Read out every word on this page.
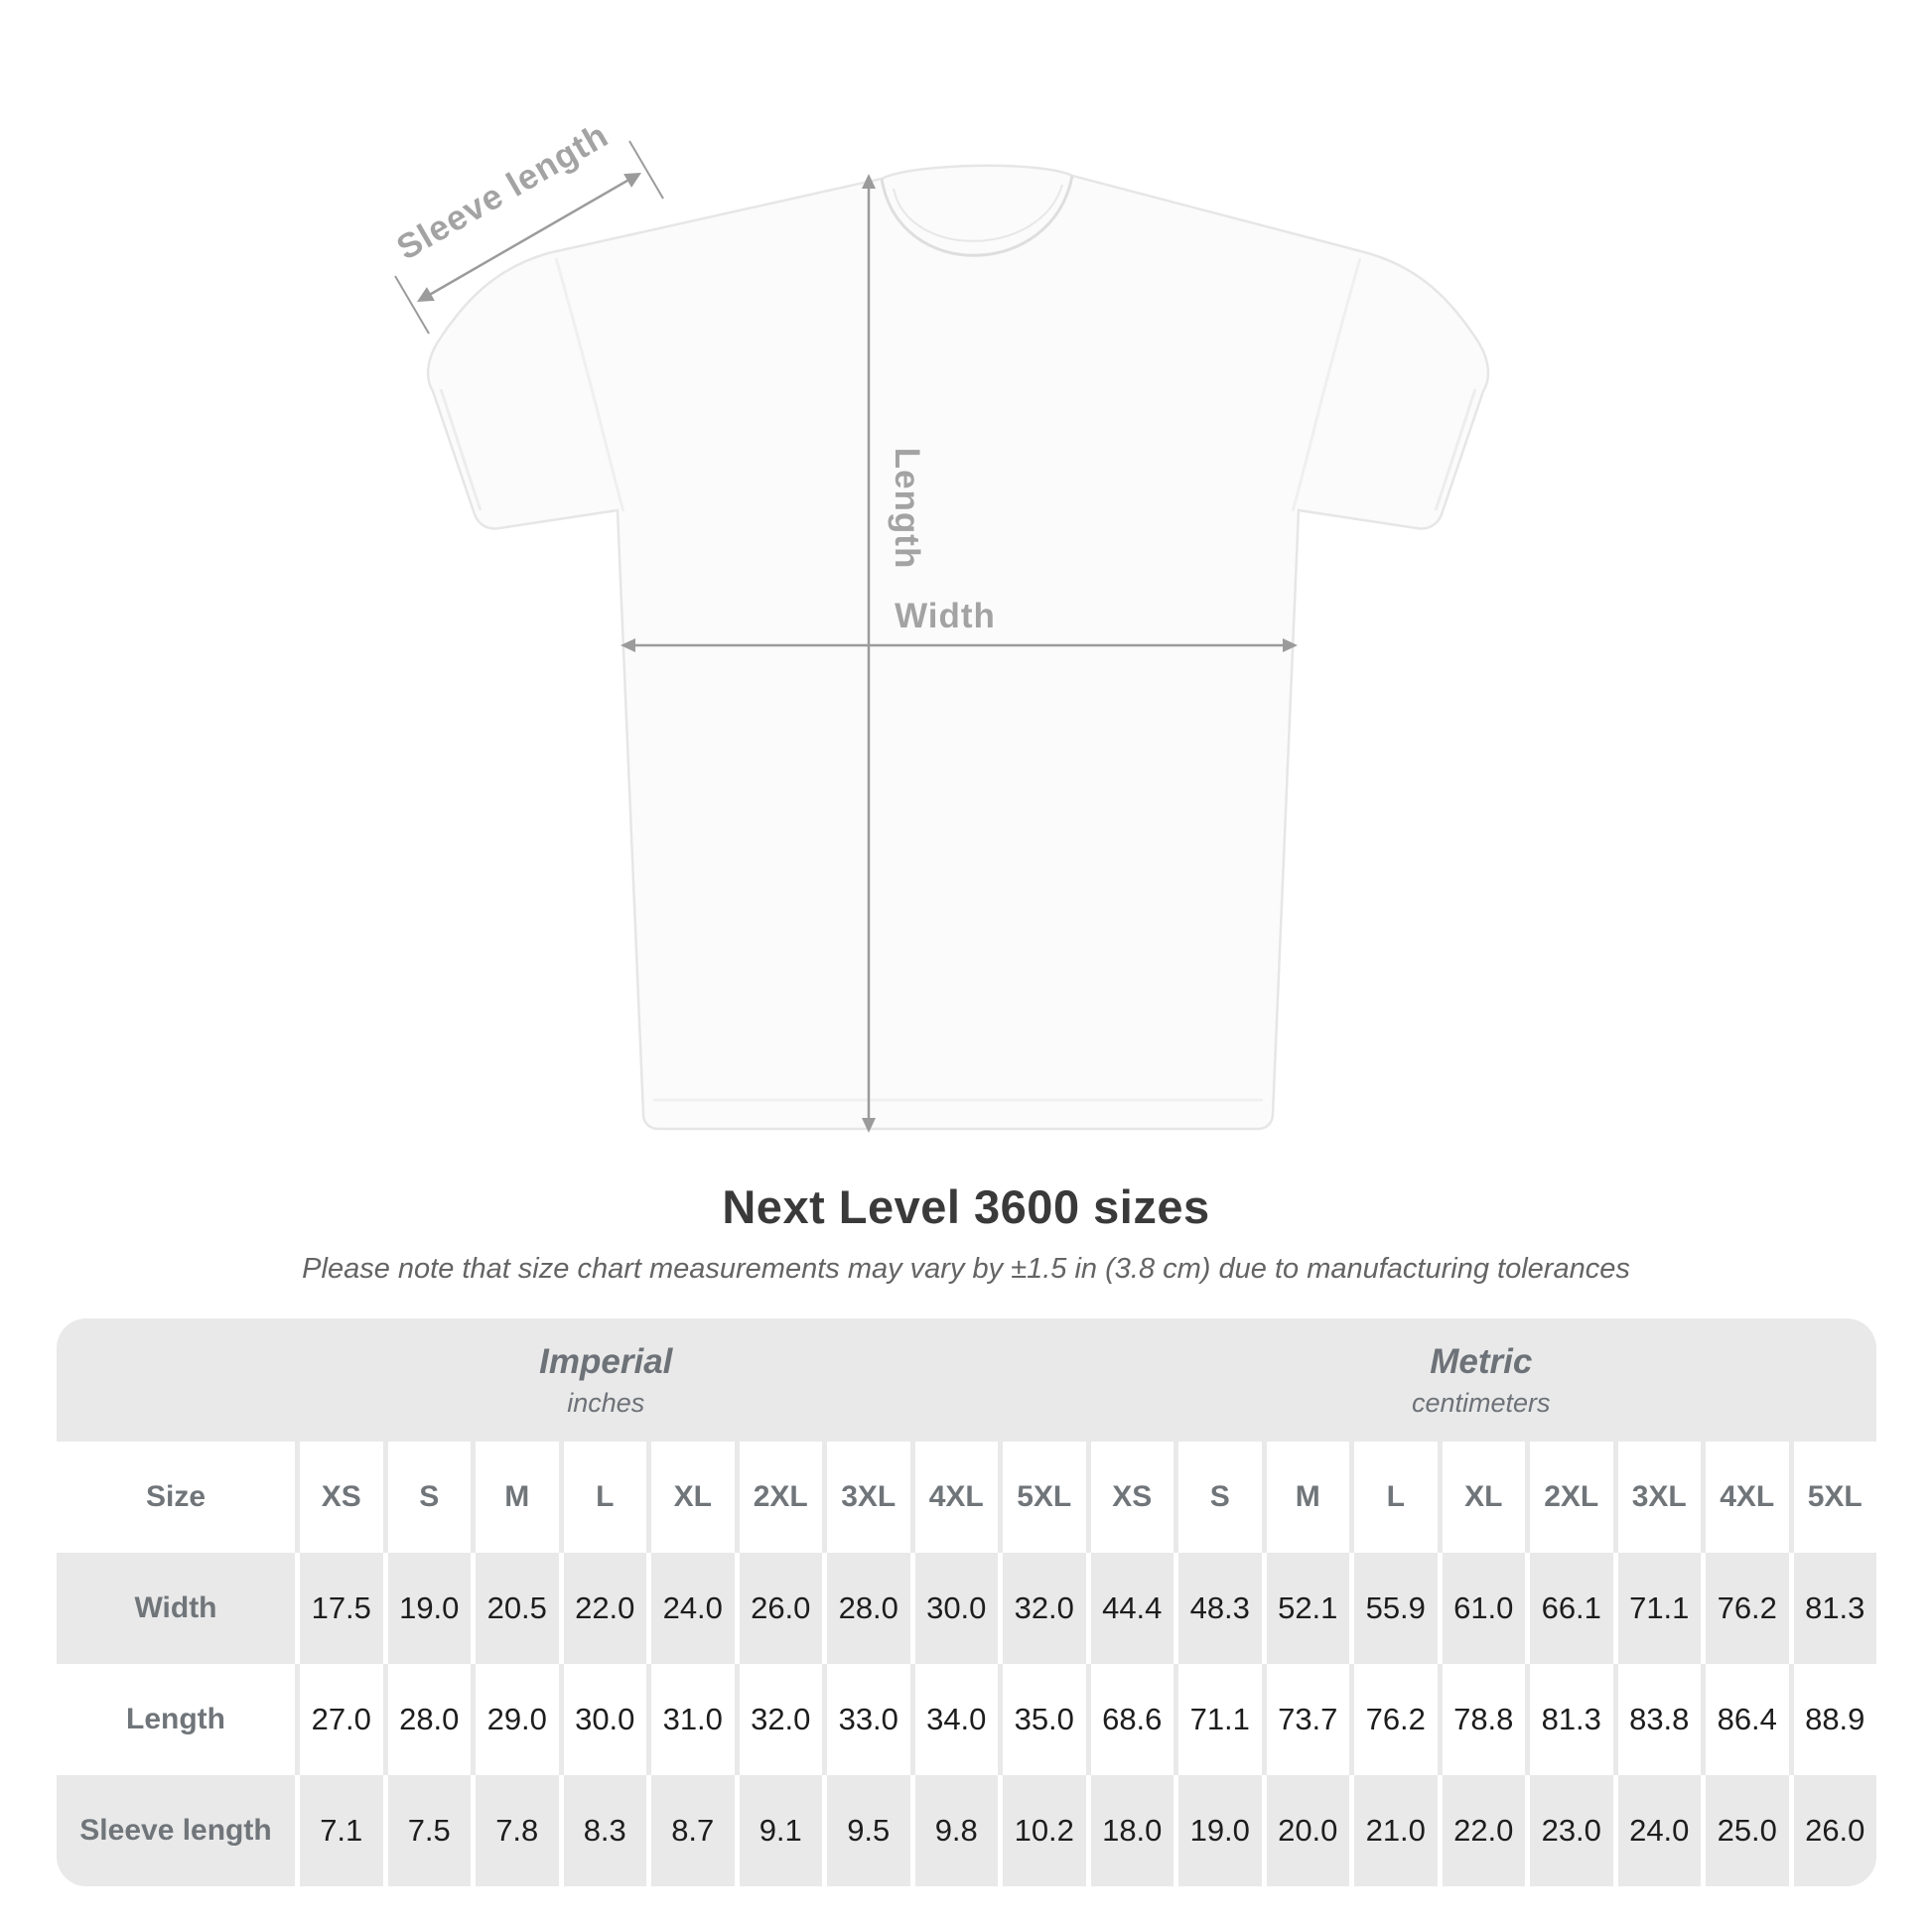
Length
Width
Sleeve length
Next Level 3600 sizes
Please note that size chart measurements may vary by ±1.5 in (3.8 cm) due to manufacturing tolerances
Imperial
inches
Metric
centimeters
Size	XS	S	M	L	XL	2XL	3XL	4XL	5XL	XS	S	M	L	XL	2XL	3XL	4XL	5XL
Width	17.5 19.0 20.5 22.0 24.0 26.0 28.0 30.0 32.0 44.4 48.3 52.1 55.9 61.0 66.1 71.1 76.2 81.3
Length	27.0 28.0 29.0 30.0 31.0 32.0 33.0 34.0 35.0 68.6 71.1 73.7 76.2 78.8 81.3 83.8 86.4 88.9
Sleeve length	7.1	7.5	7.8	8.3	8.7	9.1	9.5	9.8	10.2 18.0 19.0 20.0 21.0 22.0 23.0 24.0 25.0 26.0
